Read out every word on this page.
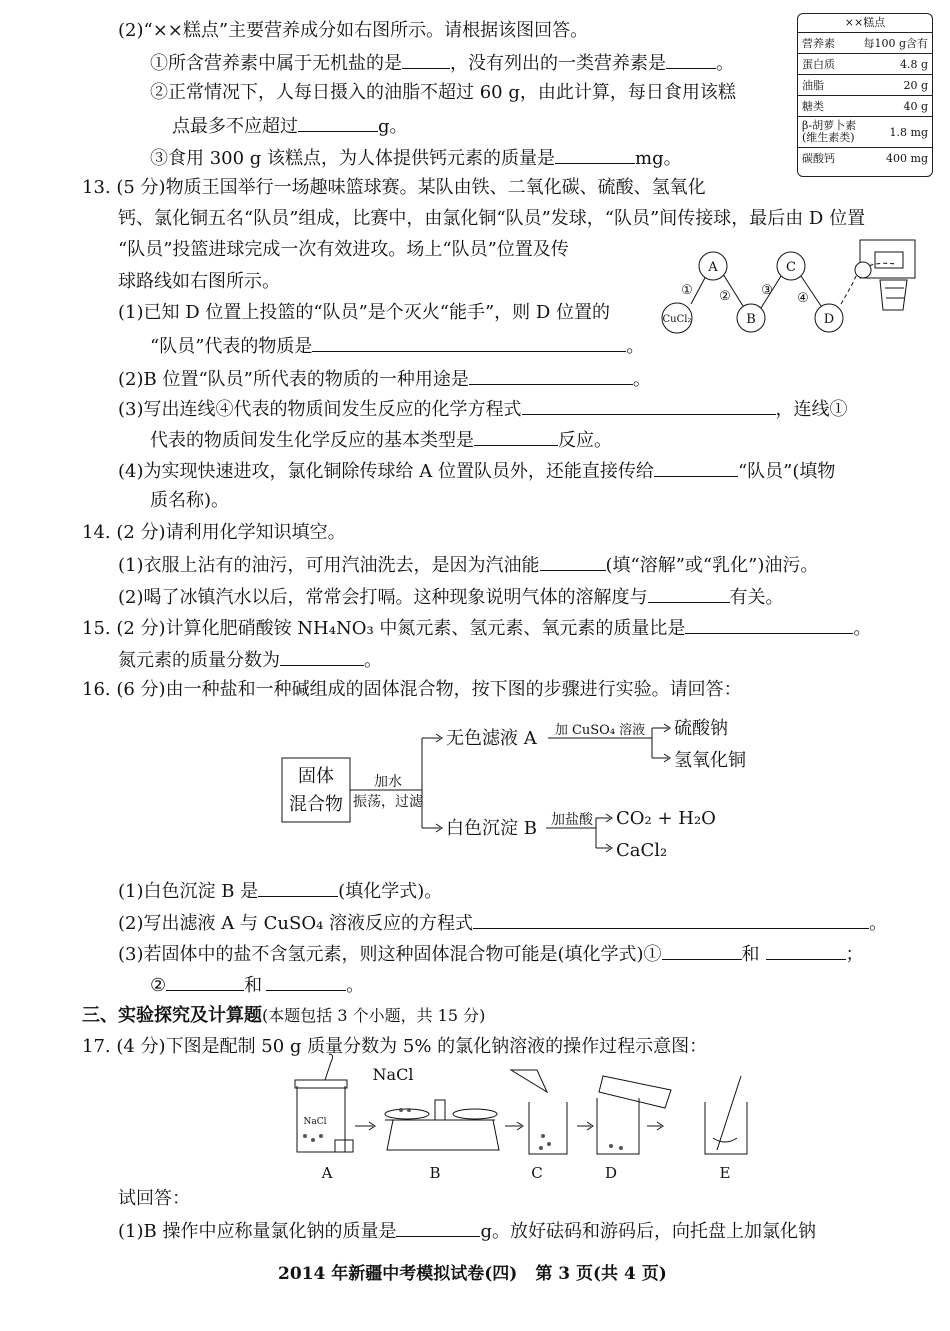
(2)“××糕点”主要营养成分如右图所示。请根据该图回答。
①所含营养素中属于无机盐的是	，没有列出的一类营养素是	。
②正常情况下，人每日摄入的油脂不超过 60 g，由此计算，每日食用该糕
点最多不应超过	g。
③食用 300 g 该糕点，为人体提供钙元素的质量是	mg。
××糕点
营养素	每100 g含有
蛋白质	4.8 g
油脂	20 g
糖类	40 g
β-胡萝卜素
(维生素类)	1.8 mg
碳酸钙	400 mg
13. (5 分)物质王国举行一场趣味篮球赛。某队由铁、二氧化碳、硫酸、氢氧化
钙、氯化铜五名“队员”组成，比赛中，由氯化铜“队员”发球，“队员”间传接球，最后由 D 位置
“队员”投篮进球完成一次有效进攻。场上“队员”位置及传
球路线如右图所示。
(1)已知 D 位置上投篮的“队员”是个灭火“能手”，则 D 位置的
“队员”代表的物质是	。
(2)B 位置“队员”所代表的物质的一种用途是	。
(3)写出连线④代表的物质间发生反应的化学方程式	，连线①
代表的物质间发生化学反应的基本类型是	反应。
(4)为实现快速进攻，氯化铜除传球给 A 位置队员外，还能直接传给	“队员”(填物
质名称)。
CuCl₂
A
B
C
D
① ② ③
④
14. (2 分)请利用化学知识填空。
(1)衣服上沾有的油污，可用汽油洗去，是因为汽油能	(填“溶解”或“乳化”)油污。
(2)喝了冰镇汽水以后，常常会打嗝。这种现象说明气体的溶解度与	有关。
15. (2 分)计算化肥硝酸铵 NH₄NO₃ 中氮元素、氢元素、氧元素的质量比是	。
氮元素的质量分数为	。
16. (6 分)由一种盐和一种碱组成的固体混合物，按下图的步骤进行实验。请回答：
固体
混合物
加水
振荡，过滤
无色滤液 A 加 CuSO₄ 溶液 硫酸钠
氢氧化铜
白色沉淀 B 加盐酸 CO₂ + H₂O
CaCl₂
(1)白色沉淀 B 是	(填化学式)。
(2)写出滤液 A 与 CuSO₄ 溶液反应的方程式	。
(3)若固体中的盐不含氢元素，则这种固体混合物可能是(填化学式)①	和	；
②	和	。
三、实验探究及计算题(本题包括 3 个小题，共 15 分)
17. (4 分)下图是配制 50 g 质量分数为 5% 的氯化钠溶液的操作过程示意图：
NaCl
NaCl
A	B	C	D	E
试回答：
(1)B 操作中应称量氯化钠的质量是	g。放好砝码和游码后，向托盘上加氯化钠
2014 年新疆中考模拟试卷(四) 第 3 页(共 4 页)
